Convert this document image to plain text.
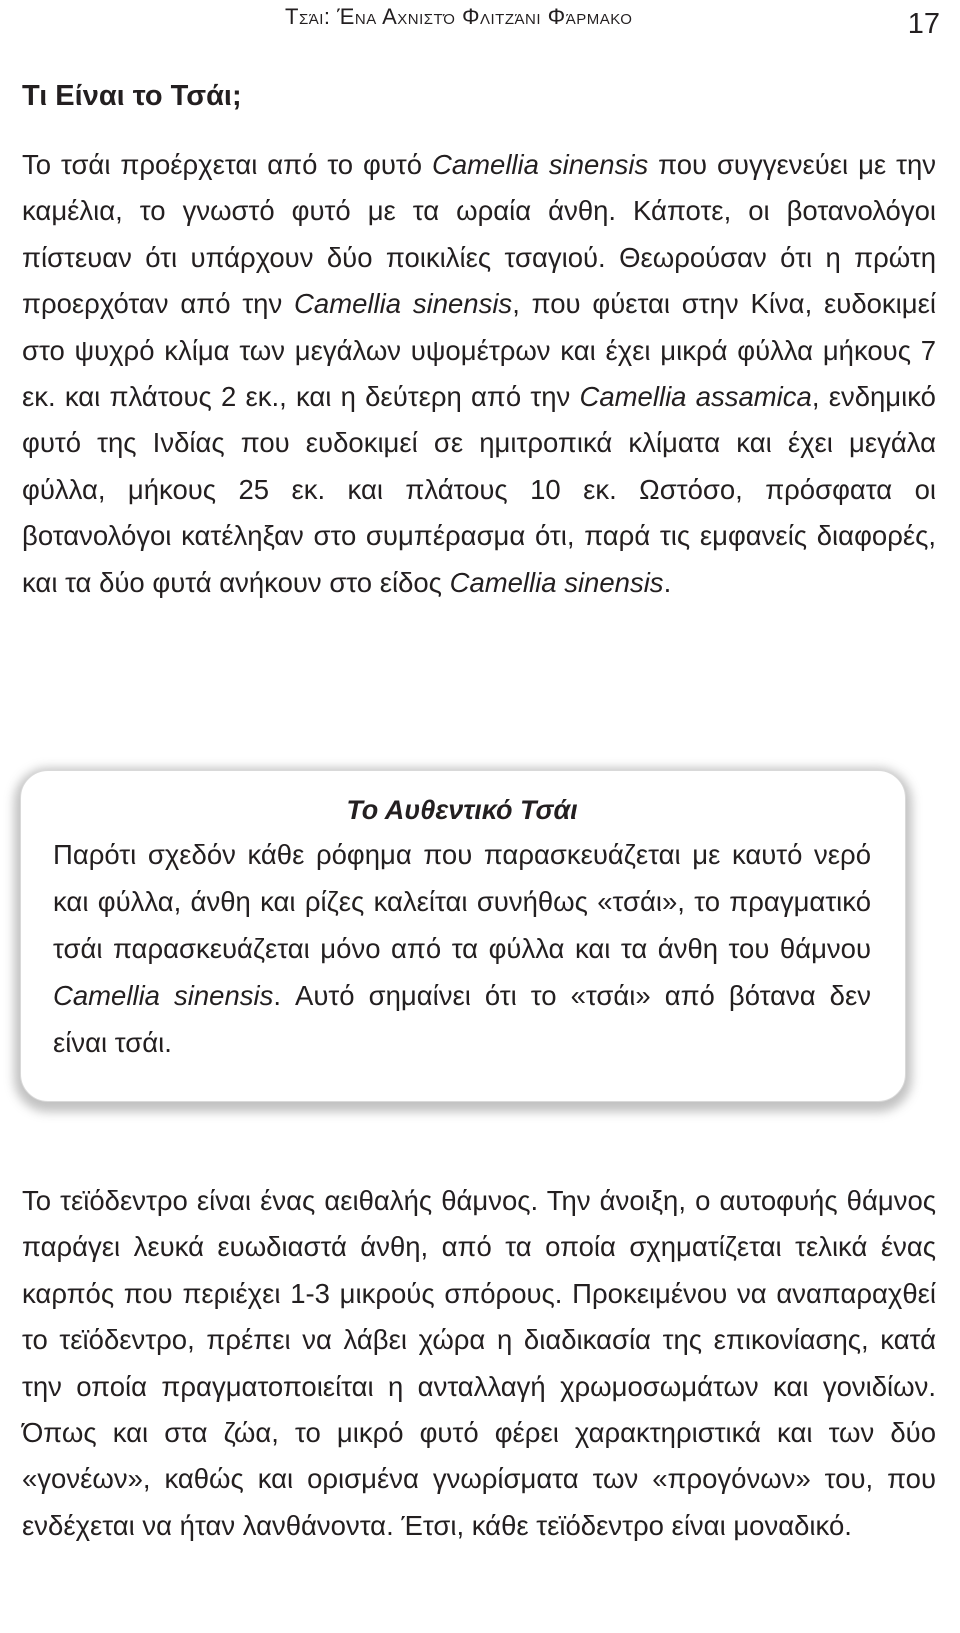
Τσάι: Ένα Αχνιστό Φλιτζάνι Φάρμακο	17
Τι Είναι το Τσάι;

Το τσάι προέρχεται από το φυτό Camellia sinensis που συγγενεύει με την καμέλια, το γνωστό φυτό με τα ωραία άνθη. Κάποτε, οι βοτανολόγοι πίστευαν ότι υπάρχουν δύο ποικιλίες τσαγιού. Θεωρούσαν ότι η πρώτη προερχόταν από την Camellia sinensis, που φύεται στην Κίνα, ευδοκιμεί στο ψυχρό κλίμα των μεγάλων υψομέτρων και έχει μικρά φύλλα μήκους 7 εκ. και πλάτους 2 εκ., και η δεύτερη από την Camellia assamica, ενδημικό φυτό της Ινδίας που ευδοκιμεί σε ημιτροπικά κλίματα και έχει μεγάλα φύλλα, μήκους 25 εκ. και πλάτους 10 εκ. Ωστόσο, πρόσφατα οι βοτανολόγοι κατέληξαν στο συμπέρασμα ότι, παρά τις εμφανείς διαφορές, και τα δύο φυτά ανήκουν στο είδος Camellia sinensis.

Το Αυθεντικό Τσάι

Παρότι σχεδόν κάθε ρόφημα που παρασκευάζεται με καυτό νερό και φύλλα, άνθη και ρίζες καλείται συνήθως «τσάι», το πραγματικό τσάι παρασκευάζεται μόνο από τα φύλλα και τα άνθη του θάμνου Camellia sinensis. Αυτό σημαίνει ότι το «τσάι» από βότανα δεν είναι τσάι.

Το τεϊόδεντρο είναι ένας αειθαλής θάμνος. Την άνοιξη, ο αυτοφυής θάμνος παράγει λευκά ευωδιαστά άνθη, από τα οποία σχηματίζεται τελικά ένας καρπός που περιέχει 1-3 μικρούς σπόρους. Προκειμένου να αναπαραχθεί το τεϊόδεντρο, πρέπει να λάβει χώρα η διαδικασία της επικονίασης, κατά την οποία πραγματοποιείται η ανταλλαγή χρωμοσωμάτων και γονιδίων. Όπως και στα ζώα, το μικρό φυτό φέρει χαρακτηριστικά και των δύο «γονέων», καθώς και ορισμένα γνωρίσματα των «προγόνων» του, που ενδέχεται να ήταν λανθάνοντα. Έτσι, κάθε τεϊόδεντρο είναι μοναδικό.
